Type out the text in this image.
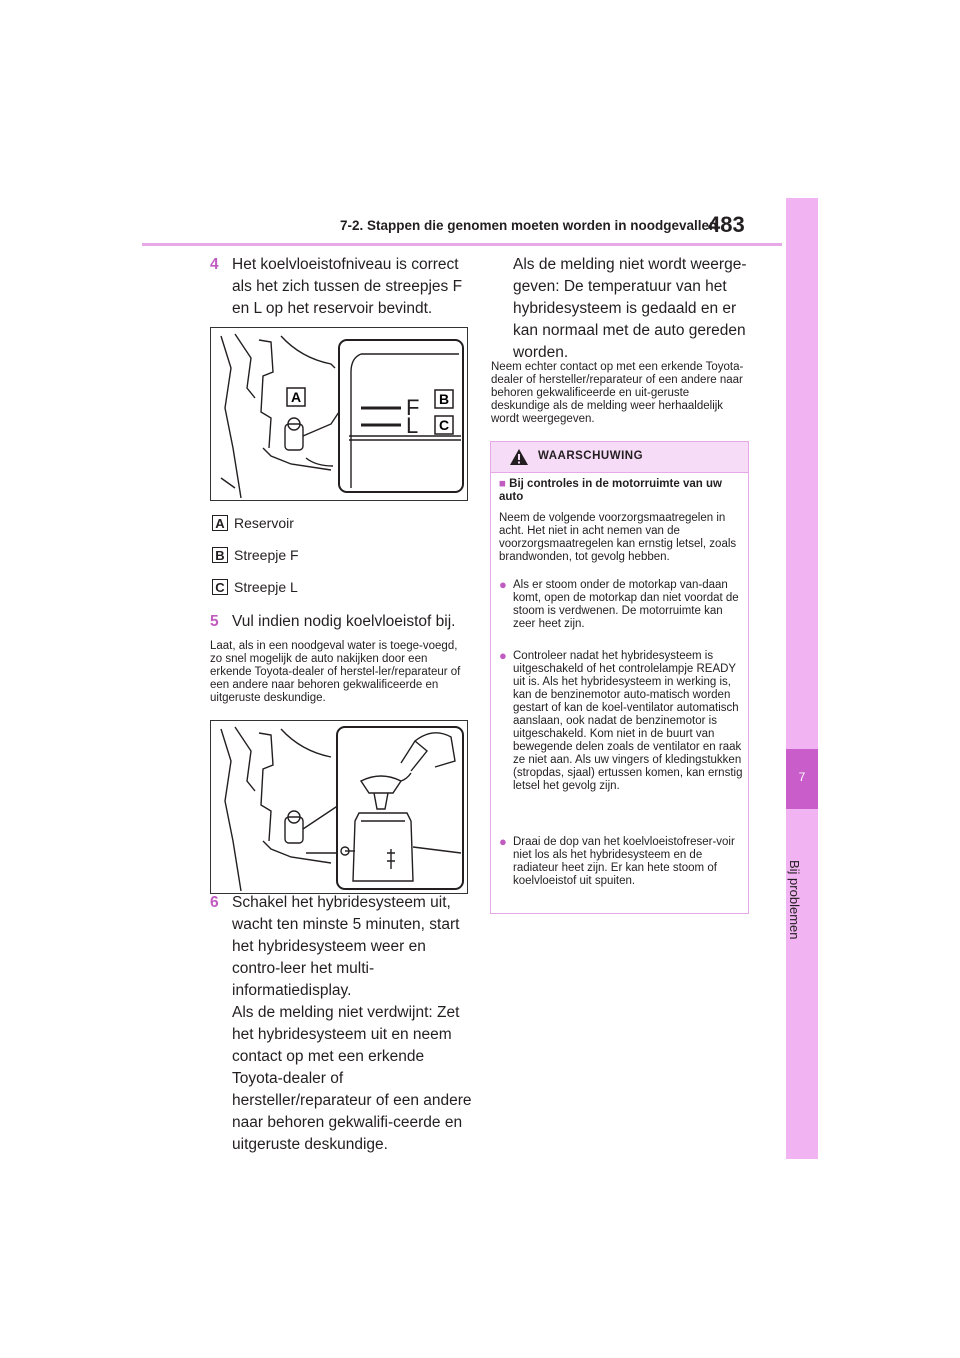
7-2. Stappen die genomen moeten worden in noodgevallen
483
7
Bij problemen
4 Het koelvloeistofniveau is correct als het zich tussen de streepjes F en L op het reservoir bevindt.
F
L
A	B
C
A Reservoir
B Streepje F
C Streepje L
5 Vul indien nodig koelvloeistof bij.
Laat, als in een noodgeval water is toege-voegd, zo snel mogelijk de auto nakijken door een erkende Toyota-dealer of herstel-ler/reparateur of een andere naar behoren gekwalificeerde en uitgeruste deskundige.
6 Schakel het hybridesysteem uit, wacht ten minste 5 minuten, start het hybridesysteem weer en contro-leer het multi-informatiedisplay.
Als de melding niet verdwijnt: Zet het hybridesysteem uit en neem contact op met een erkende Toyota-dealer of hersteller/reparateur of een andere naar behoren gekwalifi-ceerde en uitgeruste deskundige.
Als de melding niet wordt weerge-geven: De temperatuur van het hybridesysteem is gedaald en er kan normaal met de auto gereden worden.
Neem echter contact op met een erkende Toyota-dealer of hersteller/reparateur of een andere naar behoren gekwalificeerde en uit-geruste deskundige als de melding weer herhaaldelijk wordt weergegeven.
WAARSCHUWING
■ Bij controles in de motorruimte van uw auto
Neem de volgende voorzorgsmaatregelen in acht. Het niet in acht nemen van de voorzorgsmaatregelen kan ernstig letsel, zoals brandwonden, tot gevolg hebben.
● Als er stoom onder de motorkap van-daan komt, open de motorkap dan niet voordat de stoom is verdwenen. De motorruimte kan zeer heet zijn.
● Controleer nadat het hybridesysteem is uitgeschakeld of het controlelampje READY uit is. Als het hybridesysteem in werking is, kan de benzinemotor auto-matisch worden gestart of kan de koel-ventilator automatisch aanslaan, ook nadat de benzinemotor is uitgeschakeld. Kom niet in de buurt van bewegende delen zoals de ventilator en raak ze niet aan. Als uw vingers of kledingstukken (stropdas, sjaal) ertussen komen, kan ernstig letsel het gevolg zijn.
● Draai de dop van het koelvloeistofreser-voir niet los als het hybridesysteem en de radiateur heet zijn. Er kan hete stoom of koelvloeistof uit spuiten.
